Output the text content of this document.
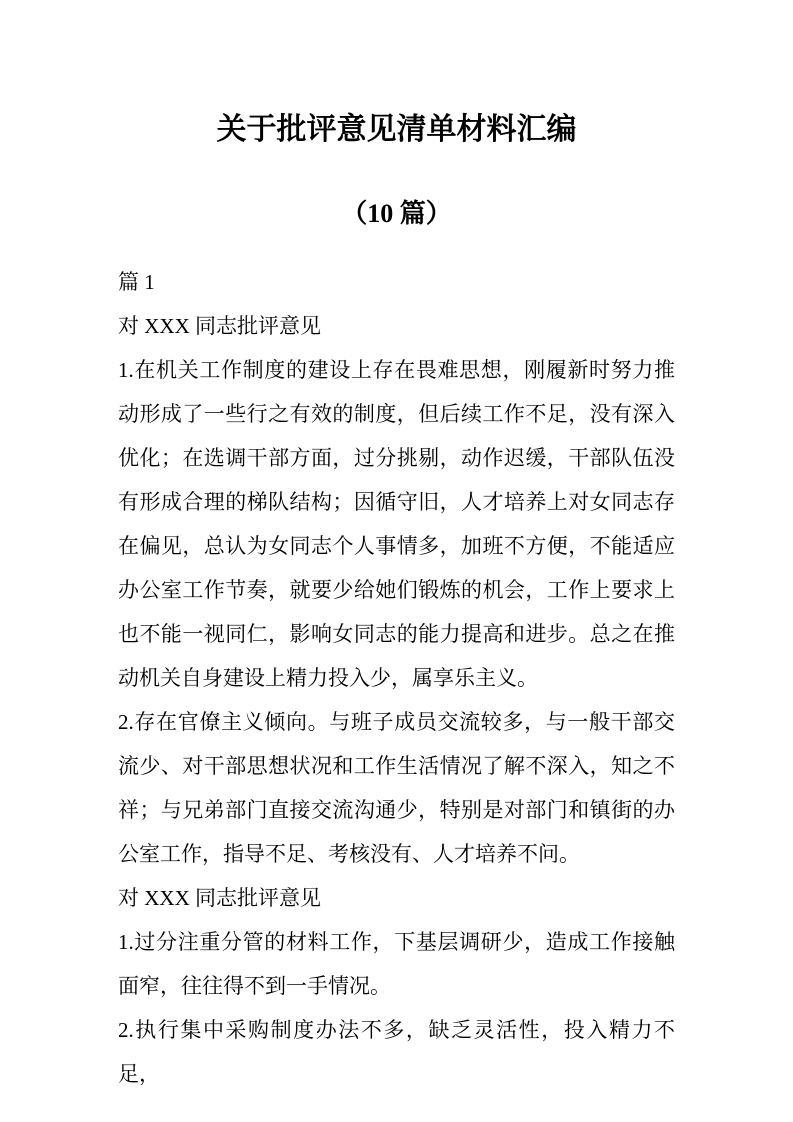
关于批评意见清单材料汇编
（10 篇）

篇 1

对 XXX 同志批评意见

1.在机关工作制度的建设上存在畏难思想，刚履新时努力推动形成了一些行之有效的制度，但后续工作不足，没有深入优化；在选调干部方面，过分挑剔，动作迟缓，干部队伍没有形成合理的梯队结构；因循守旧，人才培养上对女同志存在偏见，总认为女同志个人事情多，加班不方便，不能适应办公室工作节奏，就要少给她们锻炼的机会，工作上要求上也不能一视同仁，影响女同志的能力提高和进步。总之在推动机关自身建设上精力投入少，属享乐主义。

2.存在官僚主义倾向。与班子成员交流较多，与一般干部交流少、对干部思想状况和工作生活情况了解不深入，知之不祥；与兄弟部门直接交流沟通少，特别是对部门和镇街的办公室工作，指导不足、考核没有、人才培养不问。

对 XXX 同志批评意见

1.过分注重分管的材料工作，下基层调研少，造成工作接触面窄，往往得不到一手情况。

2.执行集中采购制度办法不多，缺乏灵活性，投入精力不足，
